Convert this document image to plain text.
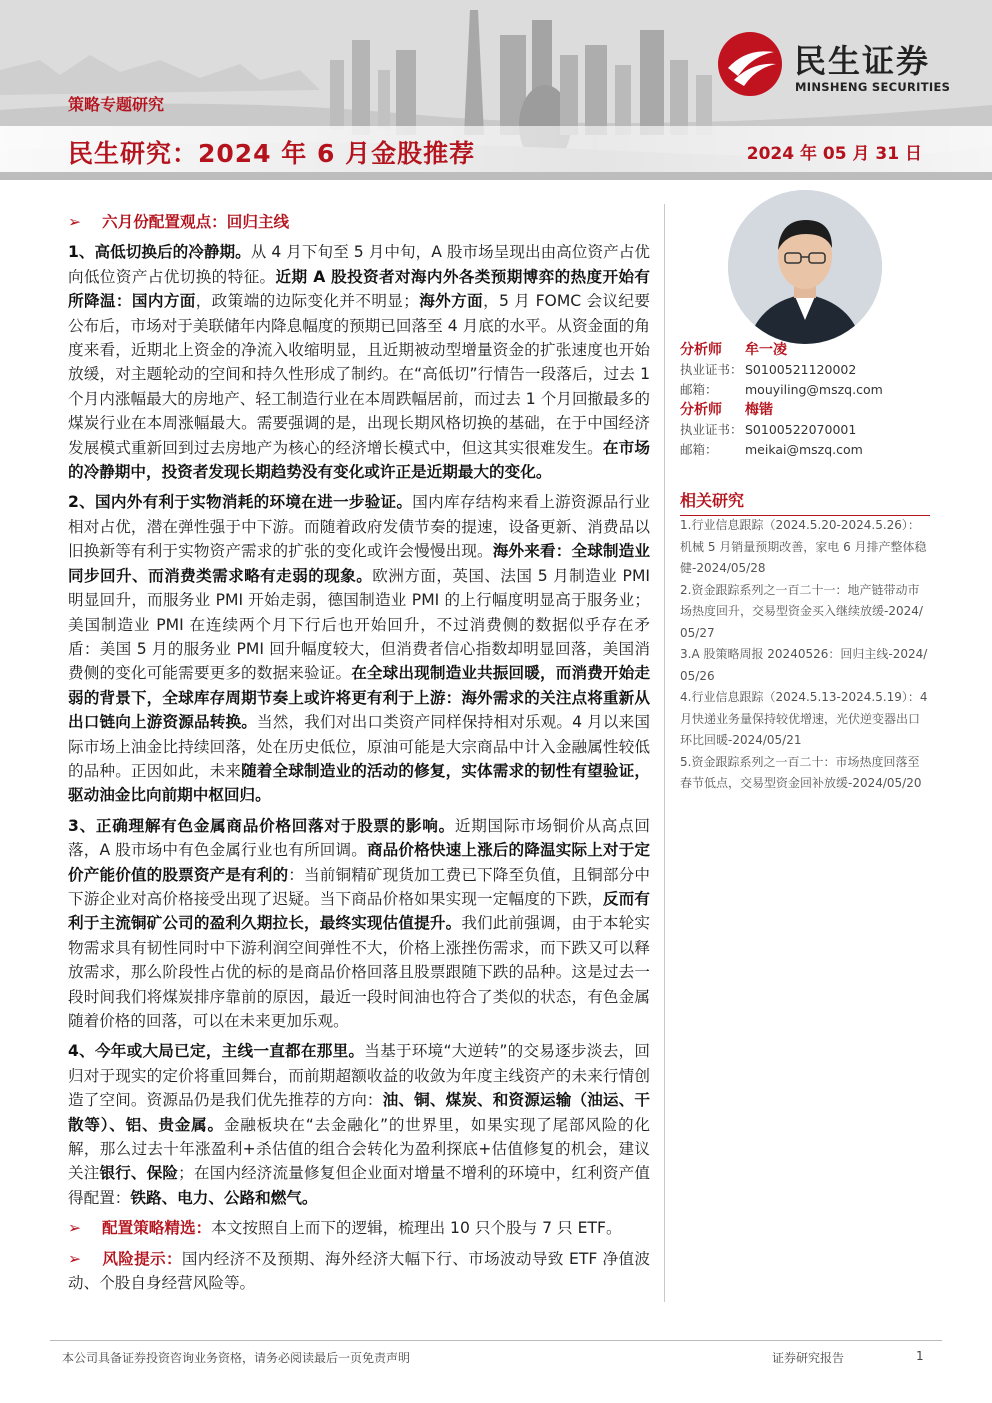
民生证券
MINSHENG SECURITIES
策略专题研究
民生研究：2024 年 6 月金股推荐	2024 年 05 月 31 日

➢ 六月份配置观点：回归主线

1、高低切换后的冷静期。从 4 月下旬至 5 月中旬，A 股市场呈现出由高位资产占优向低位资产占优切换的特征。近期 A 股投资者对海内外各类预期博弈的热度开始有所降温：国内方面，政策端的边际变化并不明显；海外方面，5 月 FOMC 会议纪要公布后，市场对于美联储年内降息幅度的预期已回落至 4 月底的水平。从资金面的角度来看，近期北上资金的净流入收缩明显，且近期被动型增量资金的扩张速度也开始放缓，对主题轮动的空间和持久性形成了制约。在“高低切”行情告一段落后，过去 1 个月内涨幅最大的房地产、轻工制造行业在本周跌幅居前，而过去 1 个月回撤最多的煤炭行业在本周涨幅最大。需要强调的是，出现长期风格切换的基础，在于中国经济发展模式重新回到过去房地产为核心的经济增长模式中，但这其实很难发生。在市场的冷静期中，投资者发现长期趋势没有变化或许正是近期最大的变化。

2、国内外有利于实物消耗的环境在进一步验证。国内库存结构来看上游资源品行业相对占优，潜在弹性强于中下游。而随着政府发债节奏的提速，设备更新、消费品以旧换新等有利于实物资产需求的扩张的变化或许会慢慢出现。海外来看：全球制造业同步回升、而消费类需求略有走弱的现象。欧洲方面，英国、法国 5 月制造业 PMI 明显回升，而服务业 PMI 开始走弱，德国制造业 PMI 的上行幅度明显高于服务业；美国制造业 PMI 在连续两个月下行后也开始回升，不过消费侧的数据似乎存在矛盾：美国 5 月的服务业 PMI 回升幅度较大，但消费者信心指数却明显回落，美国消费侧的变化可能需要更多的数据来验证。在全球出现制造业共振回暖，而消费开始走弱的背景下，全球库存周期节奏上或许将更有利于上游：海外需求的关注点将重新从出口链向上游资源品转换。当然，我们对出口类资产同样保持相对乐观。4 月以来国际市场上油金比持续回落，处在历史低位，原油可能是大宗商品中计入金融属性较低的品种。正因如此，未来随着全球制造业的活动的修复，实体需求的韧性有望验证，驱动油金比向前期中枢回归。

3、正确理解有色金属商品价格回落对于股票的影响。近期国际市场铜价从高点回落，A 股市场中有色金属行业也有所回调。商品价格快速上涨后的降温实际上对于定价产能价值的股票资产是有利的：当前铜精矿现货加工费已下降至负值，且铜部分中下游企业对高价格接受出现了迟疑。当下商品价格如果实现一定幅度的下跌，反而有利于主流铜矿公司的盈利久期拉长，最终实现估值提升。我们此前强调，由于本轮实物需求具有韧性同时中下游利润空间弹性不大，价格上涨挫伤需求，而下跌又可以释放需求，那么阶段性占优的标的是商品价格回落且股票跟随下跌的品种。这是过去一段时间我们将煤炭排序靠前的原因，最近一段时间油也符合了类似的状态，有色金属随着价格的回落，可以在未来更加乐观。

4、今年或大局已定，主线一直都在那里。当基于环境“大逆转”的交易逐步淡去，回归对于现实的定价将重回舞台，而前期超额收益的收敛为年度主线资产的未来行情创造了空间。资源品仍是我们优先推荐的方向：油、铜、煤炭、和资源运输（油运、干散等）、铝、贵金属。金融板块在“去金融化”的世界里，如果实现了尾部风险的化解，那么过去十年涨盈利+杀估值的组合会转化为盈利探底+估值修复的机会，建议关注银行、保险；在国内经济流量修复但企业面对增量不增利的环境中，红利资产值得配置：铁路、电力、公路和燃气。

➢ 配置策略精选：本文按照自上而下的逻辑，梳理出 10 只个股与 7 只 ETF。

➢ 风险提示：国内经济不及预期、海外经济大幅下行、市场波动导致 ETF 净值波动、个股自身经营风险等。

分析师 牟一凌
执业证书： S0100521120002
邮箱： mouyiling@mszq.com
分析师 梅锴
执业证书： S0100522070001
邮箱： meikai@mszq.com
相关研究
1.行业信息跟踪（2024.5.20-2024.5.26）：机械 5 月销量预期改善，家电 6 月排产整体稳健-2024/05/28
2.资金跟踪系列之一百二十一：地产链带动市场热度回升，交易型资金买入继续放缓-2024/05/27
3.A 股策略周报 20240526：回归主线-2024/05/26
4.行业信息跟踪（2024.5.13-2024.5.19）：4 月快递业务量保持较优增速，光伏逆变器出口环比回暖-2024/05/21
5.资金跟踪系列之一百二十：市场热度回落至春节低点，交易型资金回补放缓-2024/05/20
本公司具备证券投资咨询业务资格，请务必阅读最后一页免责声明	证券研究报告	1
